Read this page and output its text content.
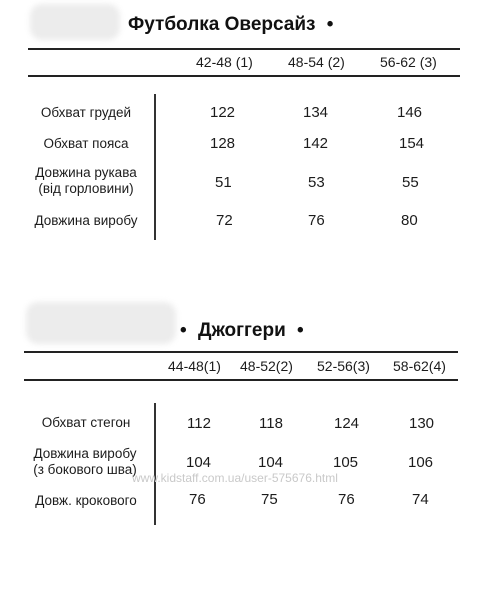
Футболка Оверсайз •
42-48 (1)	48-54 (2)	56-62 (3)
Обхват грудей	122	134	146
Обхват пояса	128	142	154
Довжина рукава
(від горловини)	51	53	55
Довжина виробу	72	76	80
• Джоггери •
44-48(1) 48-52(2) 52-56(3) 58-62(4)
Обхват стегон	112	118	124	130
Довжина виробу
(з бокового шва)	104	104	105	106
Довж. крокового	76	75	76	74
www.kidstaff.com.ua/user-575676.html
